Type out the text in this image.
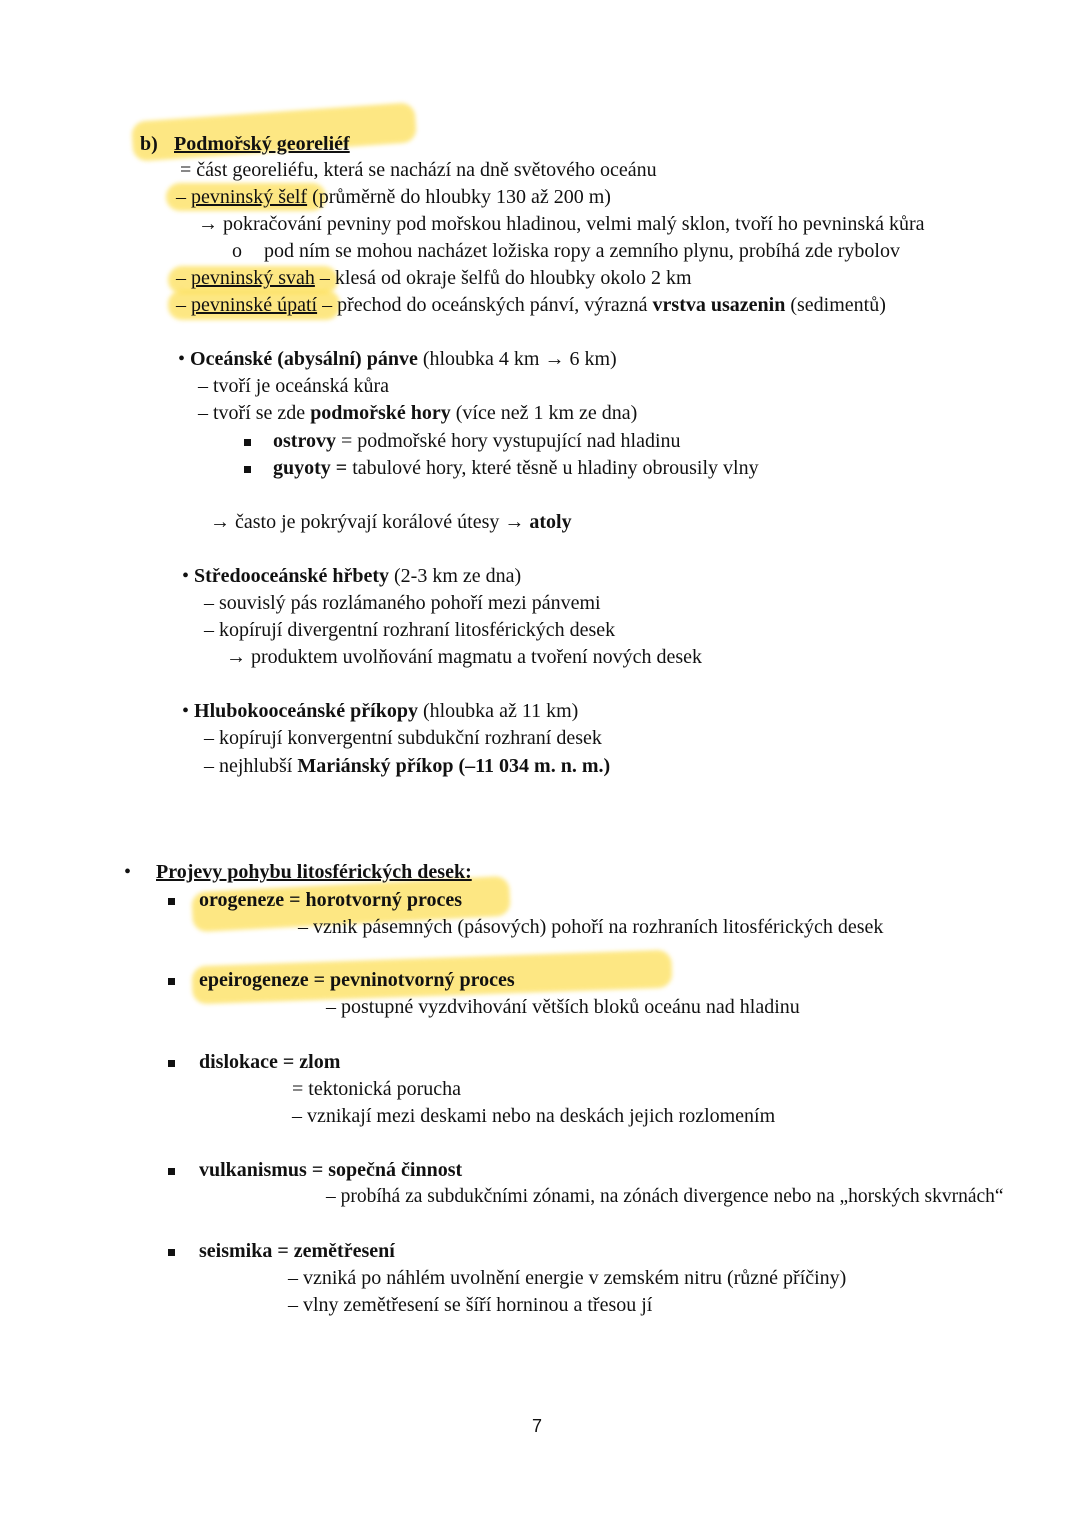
b) Podmořský georeliéf
= část georeliéfu, která se nachází na dně světového oceánu
– pevninský šelf (průměrně do hloubky 130 až 200 m)
→ pokračování pevniny pod mořskou hladinou, velmi malý sklon, tvoří ho pevninská kůra
o pod ním se mohou nacházet ložiska ropy a zemního plynu, probíhá zde rybolov
– pevninský svah – klesá od okraje šelfů do hloubky okolo 2 km
– pevninské úpatí – přechod do oceánských pánví, výrazná vrstva usazenin (sedimentů)
• Oceánské (abysální) pánve (hloubka 4 km → 6 km)
– tvoří je oceánská kůra
– tvoří se zde podmořské hory (více než 1 km ze dna)
ostrovy = podmořské hory vystupující nad hladinu
guyoty = tabulové hory, které těsně u hladiny obrousily vlny
→ často je pokrývají korálové útesy → atoly
• Středooceánské hřbety (2-3 km ze dna)
– souvislý pás rozlámaného pohoří mezi pánvemi
– kopírují divergentní rozhraní litosférických desek
→ produktem uvolňování magmatu a tvoření nových desek
• Hlubokooceánské příkopy (hloubka až 11 km)
– kopírují konvergentní subdukční rozhraní desek
– nejhlubší Mariánský příkop (–11 034 m. n. m.)
• Projevy pohybu litosférických desek:
orogeneze = horotvorný proces
– vznik pásemných (pásových) pohoří na rozhraních litosférických desek
epeirogeneze = pevninotvorný proces
– postupné vyzdvihování větších bloků oceánu nad hladinu
dislokace = zlom
= tektonická porucha
– vznikají mezi deskami nebo na deskách jejich rozlomením
vulkanismus = sopečná činnost
– probíhá za subdukčními zónami, na zónách divergence nebo na „horských skvrnách“
seismika = zemětřesení
– vzniká po náhlém uvolnění energie v zemském nitru (různé příčiny)
– vlny zemětřesení se šíří horninou a třesou jí
7
